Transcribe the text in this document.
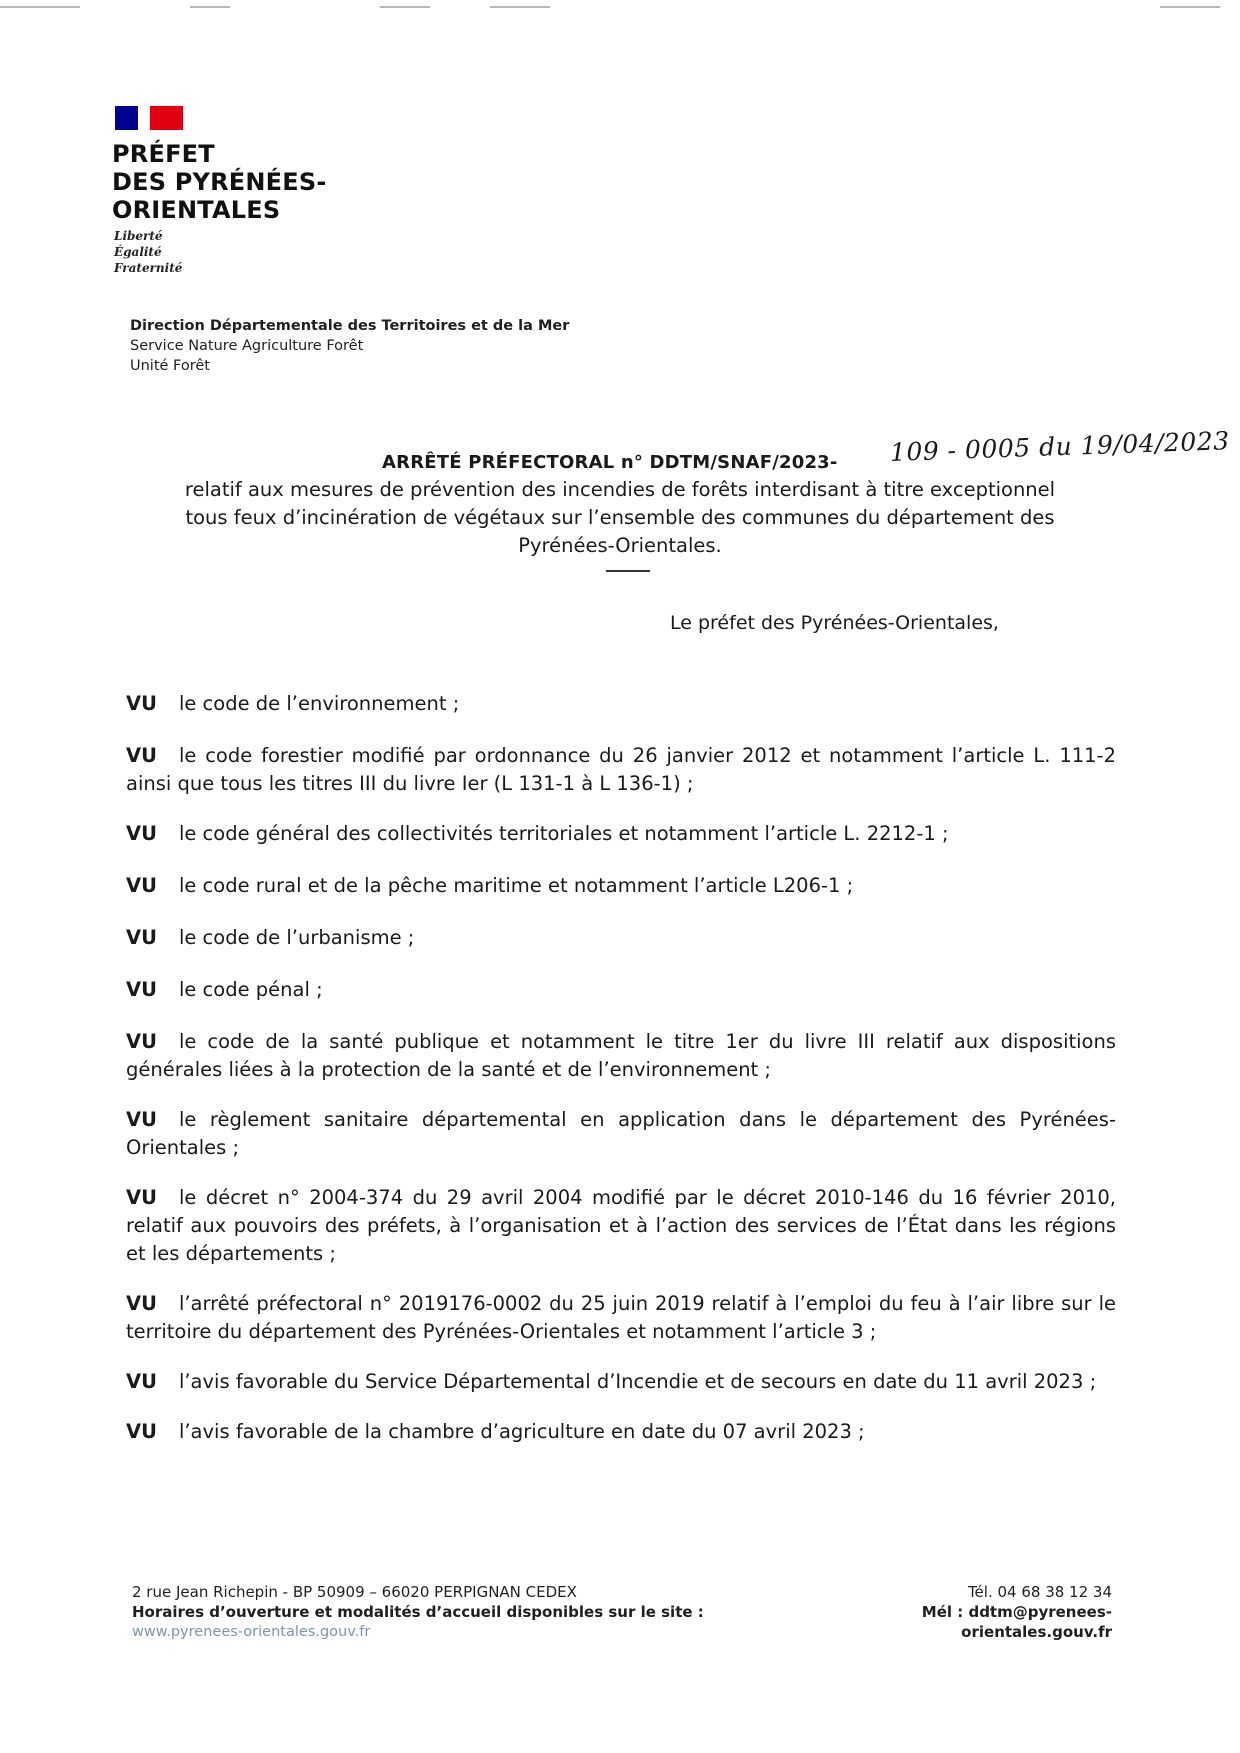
PRÉFET
DES PYRÉNÉES-
ORIENTALES
Liberté
Égalité
Fraternité
Direction Départementale des Territoires et de la Mer
Service Nature Agriculture Forêt
Unité Forêt
ARRÊTÉ PRÉFECTORAL n° DDTM/SNAF/2023- 109 - 0005 du 19/04/2023

relatif aux mesures de prévention des incendies de forêts interdisant à titre exceptionnel
tous feux d’incinération de végétaux sur l’ensemble des communes du département des
Pyrénées-Orientales.

Le préfet des Pyrénées-Orientales,
VU le code de l’environnement ;
VU le code forestier modifié par ordonnance du 26 janvier 2012 et notamment l’article L. 111-2 ainsi que tous les titres III du livre Ier (L 131-1 à L 136-1) ;
VU le code général des collectivités territoriales et notamment l’article L. 2212-1 ;
VU le code rural et de la pêche maritime et notamment l’article L206-1 ;
VU le code de l’urbanisme ;
VU le code pénal ;
VU le code de la santé publique et notamment le titre 1er du livre III relatif aux dispositions générales liées à la protection de la santé et de l’environnement ;
VU le règlement sanitaire départemental en application dans le département des Pyrénées-Orientales ;
VU le décret n° 2004-374 du 29 avril 2004 modifié par le décret 2010-146 du 16 février 2010, relatif aux pouvoirs des préfets, à l’organisation et à l’action des services de l’État dans les régions et les départements ;
VU l’arrêté préfectoral n° 2019176-0002 du 25 juin 2019 relatif à l’emploi du feu à l’air libre sur le territoire du département des Pyrénées-Orientales et notamment l’article 3 ;
VU l’avis favorable du Service Départemental d’Incendie et de secours en date du 11 avril 2023 ;
VU l’avis favorable de la chambre d’agriculture en date du 07 avril 2023 ;
2 rue Jean Richepin - BP 50909 – 66020 PERPIGNAN CEDEX
Horaires d’ouverture et modalités d’accueil disponibles sur le site :
www.pyrenees-orientales.gouv.fr
Tél. 04 68 38 12 34
Mél : ddtm@pyrenees-orientales.gouv.fr
